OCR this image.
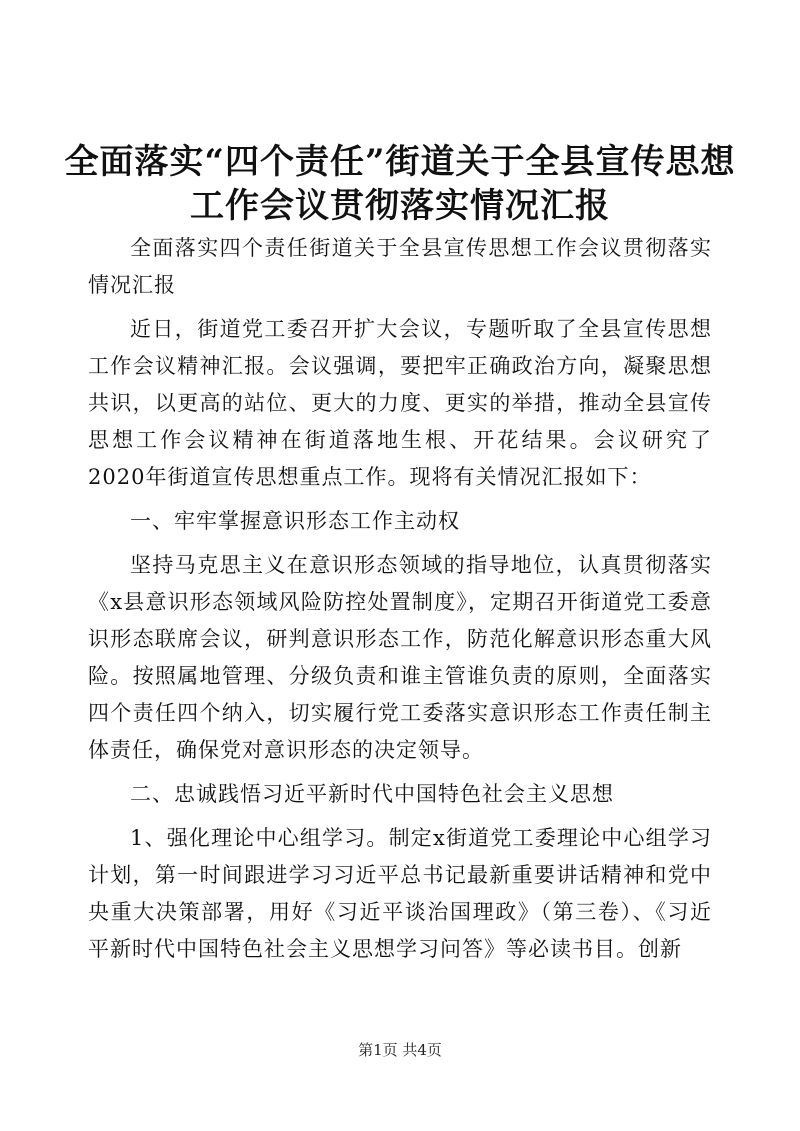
全面落实“四个责任”街道关于全县宣传思想
工作会议贯彻落实情况汇报

全面落实四个责任街道关于全县宣传思想工作会议贯彻落实情况汇报

近日，街道党工委召开扩大会议，专题听取了全县宣传思想工作会议精神汇报。会议强调，要把牢正确政治方向，凝聚思想共识，以更高的站位、更大的力度、更实的举措，推动全县宣传思想工作会议精神在街道落地生根、开花结果。会议研究了2020年街道宣传思想重点工作。现将有关情况汇报如下：

一、牢牢掌握意识形态工作主动权

坚持马克思主义在意识形态领域的指导地位，认真贯彻落实《x县意识形态领域风险防控处置制度》，定期召开街道党工委意识形态联席会议，研判意识形态工作，防范化解意识形态重大风险。按照属地管理、分级负责和谁主管谁负责的原则，全面落实四个责任四个纳入，切实履行党工委落实意识形态工作责任制主体责任，确保党对意识形态的决定领导。

二、忠诚践悟习近平新时代中国特色社会主义思想

1、强化理论中心组学习。制定x街道党工委理论中心组学习计划，第一时间跟进学习习近平总书记最新重要讲话精神和党中央重大决策部署，用好《习近平谈治国理政》（第三卷）、《习近平新时代中国特色社会主义思想学习问答》等必读书目。创新

第1页 共4页
